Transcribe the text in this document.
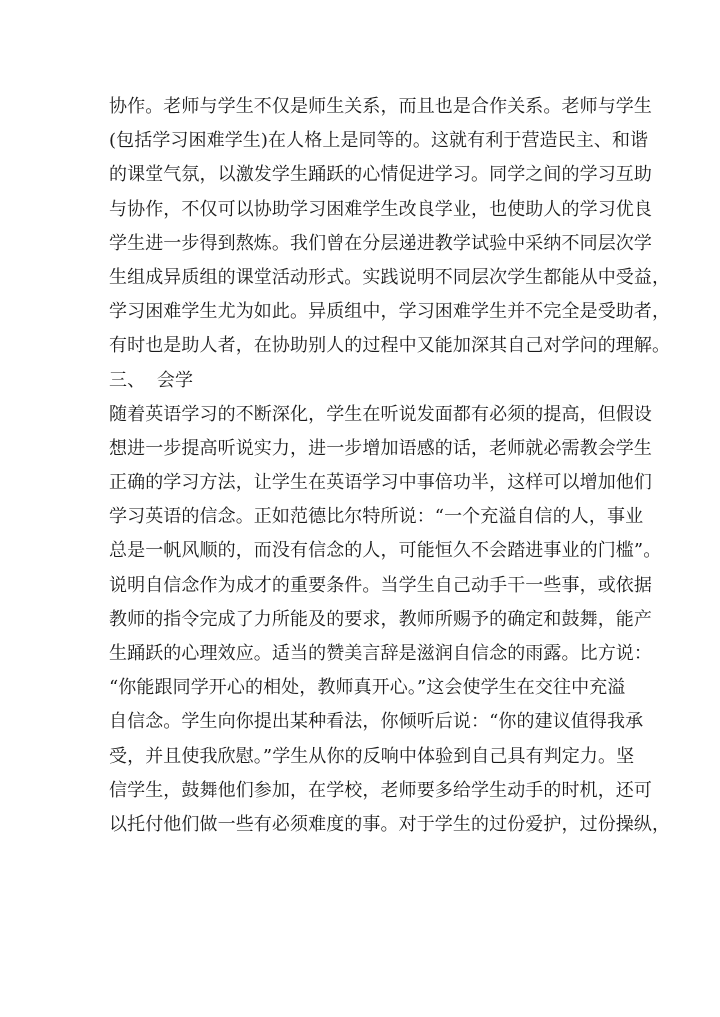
协作。老师与学生不仅是师生关系，而且也是合作关系。老师与学生
(包括学习困难学生)在人格上是同等的。这就有利于营造民主、和谐
的课堂气氛，以激发学生踊跃的心情促进学习。同学之间的学习互助
与协作，不仅可以协助学习困难学生改良学业，也使助人的学习优良
学生进一步得到熬炼。我们曾在分层递进教学试验中采纳不同层次学
生组成异质组的课堂活动形式。实践说明不同层次学生都能从中受益，
学习困难学生尤为如此。异质组中，学习困难学生并不完全是受助者，
有时也是助人者，在协助别人的过程中又能加深其自己对学问的理解。
三、  会学
随着英语学习的不断深化，学生在听说发面都有必须的提高，但假设
想进一步提高听说实力，进一步增加语感的话，老师就必需教会学生
正确的学习方法，让学生在英语学习中事倍功半，这样可以增加他们
学习英语的信念。正如范德比尔特所说：“一个充溢自信的人，事业
总是一帆风顺的，而没有信念的人，可能恒久不会踏进事业的门槛”。
说明自信念作为成才的重要条件。当学生自己动手干一些事，或依据
教师的指令完成了力所能及的要求，教师所赐予的确定和鼓舞，能产
生踊跃的心理效应。适当的赞美言辞是滋润自信念的雨露。比方说：
“你能跟同学开心的相处，教师真开心。”这会使学生在交往中充溢
自信念。学生向你提出某种看法，你倾听后说：“你的建议值得我承
受，并且使我欣慰。”学生从你的反响中体验到自己具有判定力。坚
信学生，鼓舞他们参加，在学校，老师要多给学生动手的时机，还可
以托付他们做一些有必须难度的事。对于学生的过份爱护，过份操纵，
